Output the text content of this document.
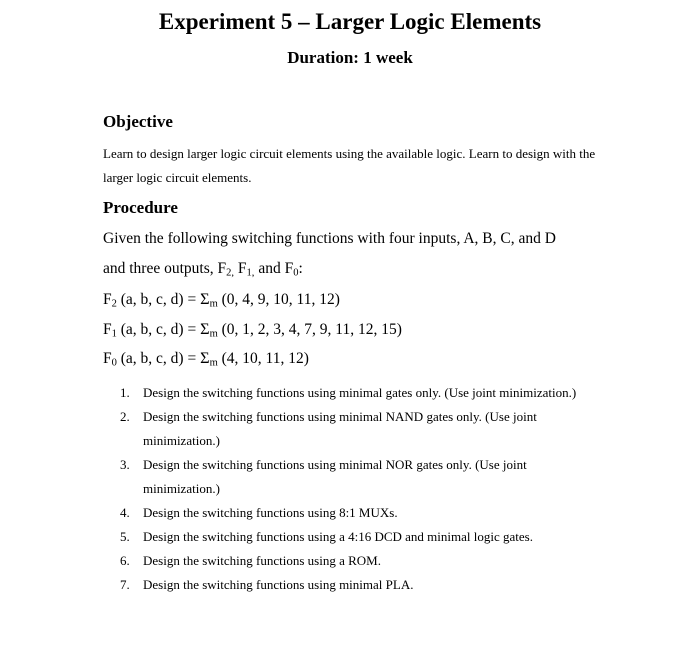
Experiment 5 – Larger Logic Elements
Duration: 1 week
Objective
Learn to design larger logic circuit elements using the available logic. Learn to design with the larger logic circuit elements.
Procedure
Given the following switching functions with four inputs, A, B, C, and D
and three outputs, $F_{2,}$ $F_{1,}$ and $F_0$:
$F_2$ (a, b, c, $d) = \Sigma_m$ (0, 4, 9, 10, 11, 12)
$F_1$ (a, b, c, $d) = \Sigma_m$ (0, 1, 2, 3, 4, 7, 9, 11, 12, 15)
$F_0$ (a, b, c, $d) = \Sigma_m$ (4, 10, 11, 12)
1.	Design the switching functions using minimal gates only. (Use joint minimization.)
2.	Design the switching functions using minimal NAND gates only. (Use joint minimization.)
3.	Design the switching functions using minimal NOR gates only. (Use joint minimization.)
4.	Design the switching functions using 8:1 MUXs.
5.	Design the switching functions using a 4:16 DCD and minimal logic gates.
6.	Design the switching functions using a ROM.
7.	Design the switching functions using minimal PLA.
